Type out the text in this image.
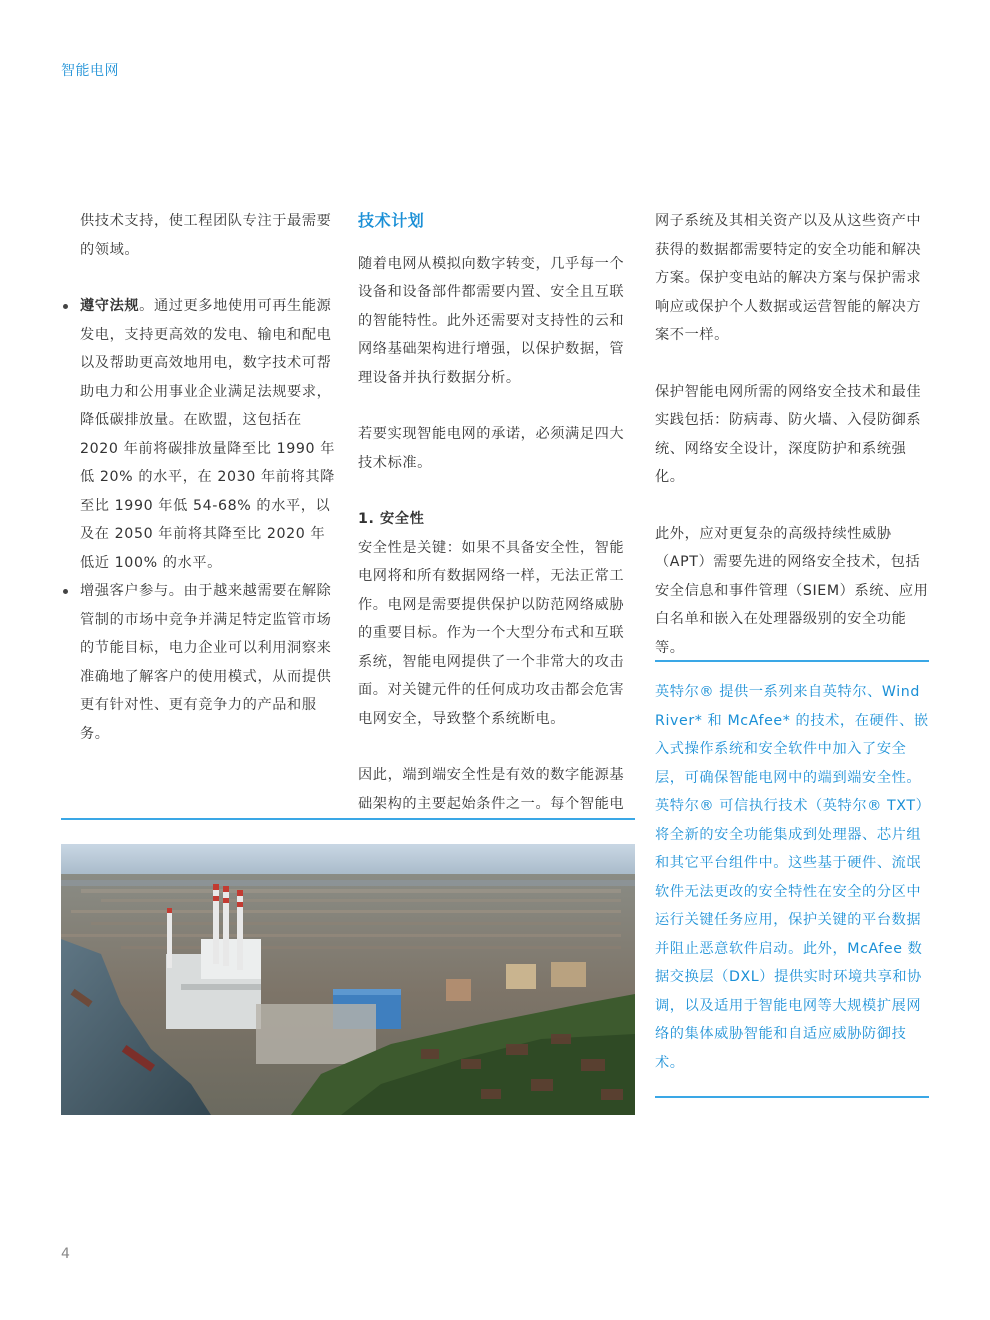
智能电网

供技术支持，使工程团队专注于最需要的领域。

遵守法规。通过更多地使用可再生能源发电，支持更高效的发电、输电和配电以及帮助更高效地用电，数字技术可帮助电力和公用事业企业满足法规要求，降低碳排放量。在欧盟，这包括在 2020 年前将碳排放量降至比 1990 年低 20% 的水平，在 2030 年前将其降至比 1990 年低 54-68% 的水平，以及在 2050 年前将其降至比 2020 年低近 100% 的水平。

增强客户参与。由于越来越需要在解除管制的市场中竞争并满足特定监管市场的节能目标，电力企业可以利用洞察来准确地了解客户的使用模式，从而提供更有针对性、更有竞争力的产品和服务。

技术计划

随着电网从模拟向数字转变，几乎每一个设备和设备部件都需要内置、安全且互联的智能特性。此外还需要对支持性的云和网络基础架构进行增强，以保护数据，管理设备并执行数据分析。

若要实现智能电网的承诺，必须满足四大技术标准。

1. 安全性

安全性是关键：如果不具备安全性，智能电网将和所有数据网络一样，无法正常工作。电网是需要提供保护以防范网络威胁的重要目标。作为一个大型分布式和互联系统，智能电网提供了一个非常大的攻击面。对关键元件的任何成功攻击都会危害电网安全，导致整个系统断电。

因此，端到端安全性是有效的数字能源基础架构的主要起始条件之一。每个智能电

网子系统及其相关资产以及从这些资产中获得的数据都需要特定的安全功能和解决方案。保护变电站的解决方案与保护需求响应或保护个人数据或运营智能的解决方案不一样。

保护智能电网所需的网络安全技术和最佳实践包括：防病毒、防火墙、入侵防御系统、网络安全设计，深度防护和系统强化。

此外，应对更复杂的高级持续性威胁（APT）需要先进的网络安全技术，包括安全信息和事件管理（SIEM）系统、应用白名单和嵌入在处理器级别的安全功能等。

英特尔® 提供一系列来自英特尔、Wind River* 和 McAfee* 的技术，在硬件、嵌入式操作系统和安全软件中加入了安全层，可确保智能电网中的端到端安全性。英特尔® 可信执行技术（英特尔® TXT）将全新的安全功能集成到处理器、芯片组和其它平台组件中。这些基于硬件、流氓软件无法更改的安全特性在安全的分区中运行关键任务应用，保护关键的平台数据并阻止恶意软件启动。此外，McAfee 数据交换层（DXL）提供实时环境共享和协调，以及适用于智能电网等大规模扩展网络的集体威胁智能和自适应威胁防御技术。

4
